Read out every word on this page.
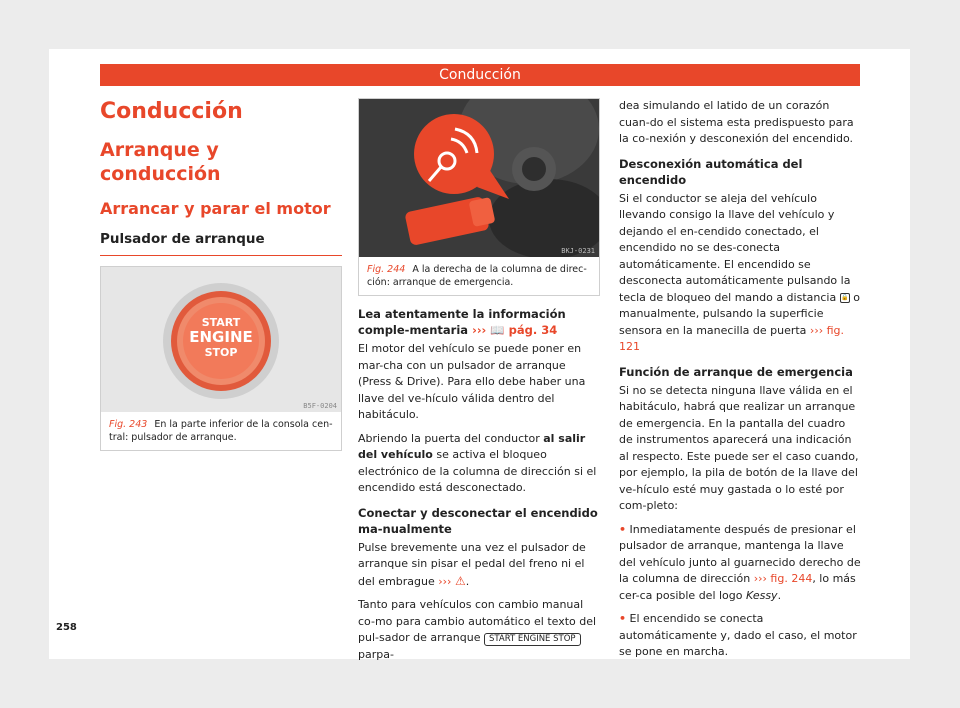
Conducción
Conducción
Arranque y conducción
Arrancar y parar el motor
Pulsador de arranque
START
ENGINE
STOP
B5F-0204
Fig. 243 En la parte inferior de la consola cen-tral: pulsador de arranque.
BKJ-0231
Fig. 244 A la derecha de la columna de direc-ción: arranque de emergencia.
Lea atentamente la información comple-mentaria ››› 📖 pág. 34

El motor del vehículo se puede poner en mar-cha con un pulsador de arranque (Press & Drive). Para ello debe haber una llave del ve-hículo válida dentro del habitáculo.

Abriendo la puerta del conductor al salir del vehículo se activa el bloqueo electrónico de la columna de dirección si el encendido está desconectado.

Conectar y desconectar el encendido ma-nualmente

Pulse brevemente una vez el pulsador de arranque sin pisar el pedal del freno ni el del embrague ››› ⚠.

Tanto para vehículos con cambio manual co-mo para cambio automático el texto del pul-sador de arranque START ENGINE STOP parpa-

dea simulando el latido de un corazón cuan-do el sistema esta predispuesto para la co-nexión y desconexión del encendido.

Desconexión automática del encendido

Si el conductor se aleja del vehículo llevando consigo la llave del vehículo y dejando el en-cendido conectado, el encendido no se des-conecta automáticamente. El encendido se desconecta automáticamente pulsando la tecla de bloqueo del mando a distancia 🔒 o manualmente, pulsando la superficie sensora en la manecilla de puerta ››› fig. 121

Función de arranque de emergencia

Si no se detecta ninguna llave válida en el habitáculo, habrá que realizar un arranque de emergencia. En la pantalla del cuadro de instrumentos aparecerá una indicación al respecto. Este puede ser el caso cuando, por ejemplo, la pila de botón de la llave del ve-hículo esté muy gastada o lo esté por com-pleto:

• Inmediatamente después de presionar el pulsador de arranque, mantenga la llave del vehículo junto al guarnecido derecho de la columna de dirección ››› fig. 244, lo más cer-ca posible del logo Kessy.

• El encendido se conecta automáticamente y, dado el caso, el motor se pone en marcha.

258
